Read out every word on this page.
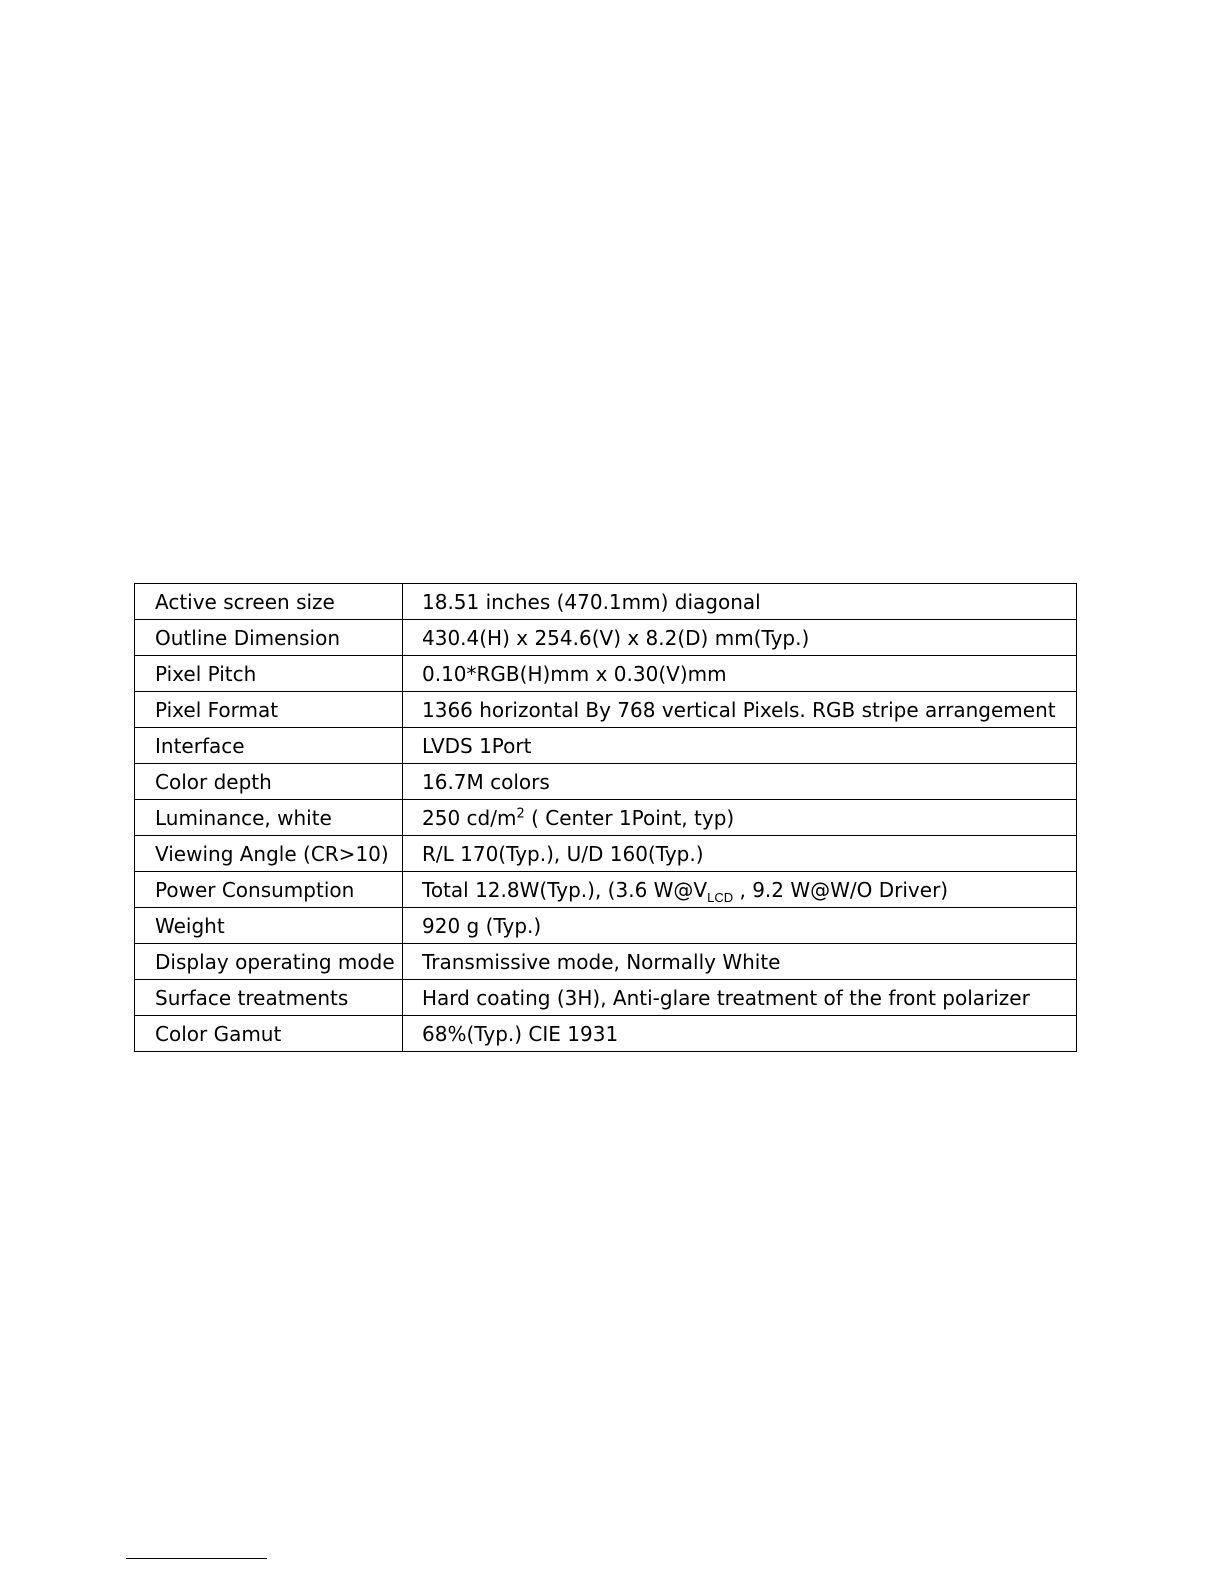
Active screen size	18.51 inches (470.1mm) diagonal
Outline Dimension	430.4(H) x 254.6(V) x 8.2(D) mm(Typ.)
Pixel Pitch	0.10*RGB(H)mm x 0.30(V)mm
Pixel Format	1366 horizontal By 768 vertical Pixels. RGB stripe arrangement
Interface	LVDS 1Port
Color depth	16.7M colors
Luminance, white	250 $cd/m^2$ ( Center 1Point, typ)
Viewing Angle (CR>10)	R/L 170(Typ.), U/D 160(Typ.)
Power Consumption	Total 12.8W(Typ.), (3.6 $W@V_{LCD}$ , 9.2 W@W/O Driver)
Weight	920 g (Typ.)
Display operating mode	Transmissive mode, Normally White
Surface treatments	Hard coating (3H), Anti-glare treatment of the front polarizer
Color Gamut	68%(Typ.) CIE 1931
